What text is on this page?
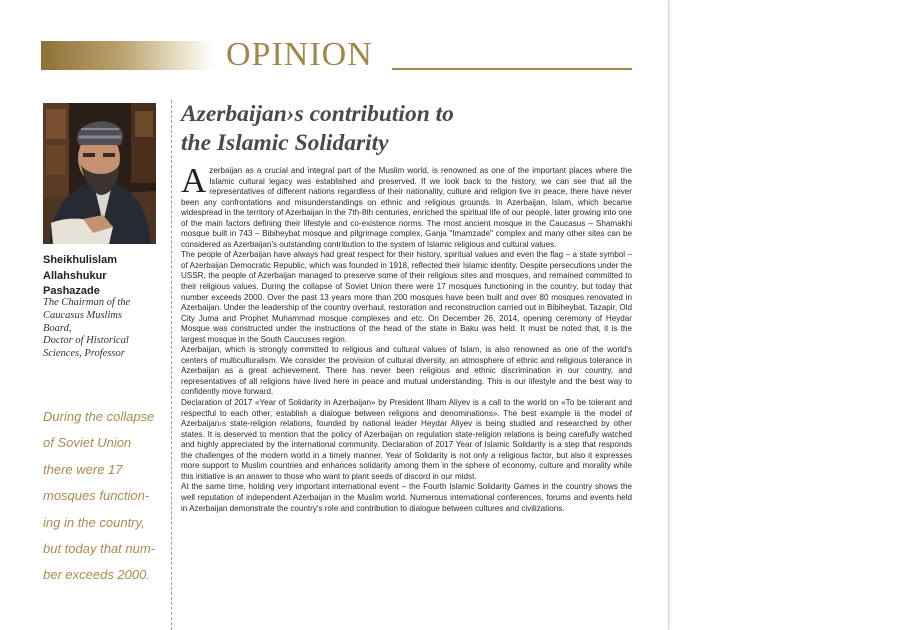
OPINION
Sheikhulislam
Allahshukur
Pashazade
The Chairman of the
Caucasus Muslims
Board,
Doctor of Historical
Sciences, Professor
During the collapse
of Soviet Union
there were 17
mosques function-
ing in the country,
but today that num-
ber exceeds 2000.
Azerbaijan›s contribution to
the Islamic Solidarity

Azerbaijan as a crucial and integral part of the Muslim world, is renowned as one of the important places where the Islamic cultural legacy was established and preserved. If we look back to the history, we can see that all the representatives of different nations regardless of their nationality, culture and religion live in peace, there have never been any confrontations and misunderstandings on ethnic and religious grounds. In Azerbaijan, Islam, which became widespread in the territory of Azerbaijan in the 7th-8th centuries, enriched the spiritual life of our people, later growing into one of the main factors defining their lifestyle and co-existence norms. The most ancient mosque in the Caucasus – Shamakhi mosque built in 743 – Bibiheybat mosque and pilgrimage complex, Ganja "Imamzade" complex and many other sites can be considered as Azerbaijan's outstanding contribution to the system of Islamic religious and cultural values.

The people of Azerbaijan have always had great respect for their history, spiritual values and even the flag – a state symbol – of Azerbaijan Democratic Republic, which was founded in 1918, reflected their Islamic identity. Despite persecutions under the USSR, the people of Azerbaijan managed to preserve some of their religious sites and mosques, and remained committed to their religious values. During the collapse of Soviet Union there were 17 mosques functioning in the country, but today that number exceeds 2000. Over the past 13 years more than 200 mosques have been built and over 80 mosques renovated in Azerbaijan. Under the leadership of the country overhaul, restoration and reconstruction carried out in Bibiheybat, Tazapir, Old City Juma and Prophet Muhammad mosque complexes and etc. On December 26, 2014, opening ceremony of Heydar Mosque was constructed under the instructions of the head of the state in Baku was held. It must be noted that, it is the largest mosque in the South Caucuses region.

Azerbaijan, which is strongly committed to religious and cultural values of Islam, is also renowned as one of the world's centers of multiculturalism. We consider the provision of cultural diversity, an atmosphere of ethnic and religious tolerance in Azerbaijan as a great achievement. There has never been religious and ethnic discrimination in our country, and representatives of all religions have lived here in peace and mutual understanding. This is our lifestyle and the best way to confidently move forward.

Declaration of 2017 «Year of Solidarity in Azerbaijan» by President Ilham Aliyev is a call to the world on «To be tolerant and respectful to each other, establish a dialogue between religions and denominations». The best example is the model of Azerbaijan›s state-religion relations, founded by national leader Heydar Aliyev is being studied and researched by other states. It is deserved to mention that the policy of Azerbaijan on regulation state-religion relations is being carefully watched and highly appreciated by the international community. Declaration of 2017 Year of Islamic Solidarity is a step that responds the challenges of the modern world in a timely manner. Year of Solidarity is not only a religious factor, but also it expresses more support to Muslim countries and enhances solidarity among them in the sphere of economy, culture and morality while this initiative is an answer to those who want to plant seeds of discord in our midst.

At the same time, holding very important international event – the Fourth Islamic Solidarity Games in the country shows the well reputation of independent Azerbaijan in the Muslim world. Numerous international conferences, forums and events held in Azerbaijan demonstrate the country's role and contribution to dialogue between cultures and civilizations.
